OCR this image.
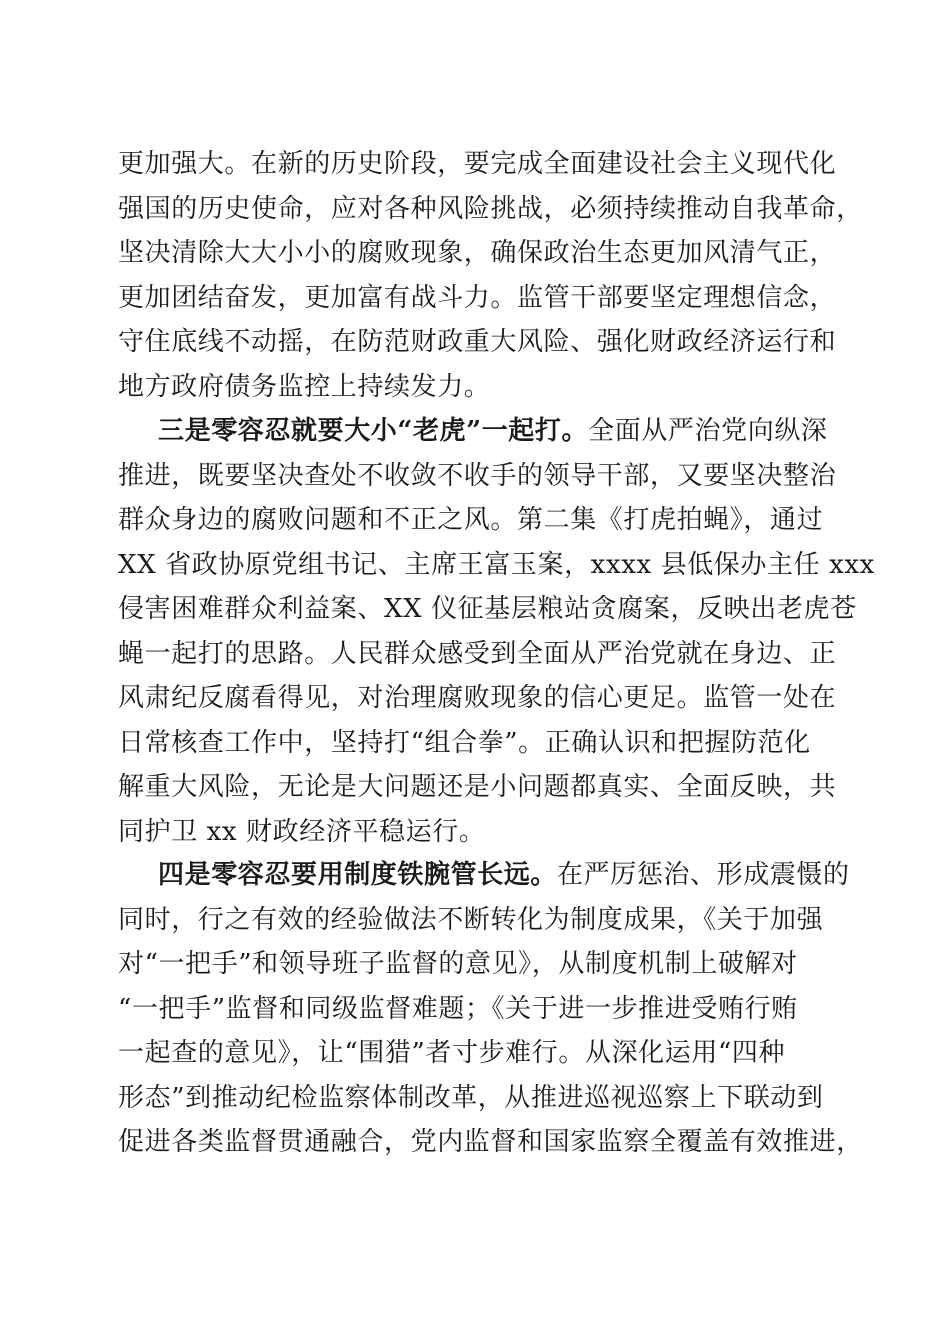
更加强大。在新的历史阶段，要完成全面建设社会主义现代化
强国的历史使命，应对各种风险挑战，必须持续推动自我革命，
坚决清除大大小小的腐败现象，确保政治生态更加风清气正，
更加团结奋发，更加富有战斗力。监管干部要坚定理想信念，
守住底线不动摇，在防范财政重大风险、强化财政经济运行和
地方政府债务监控上持续发力。

三是零容忍就要大小“老虎”一起打。全面从严治党向纵深
推进，既要坚决查处不收敛不收手的领导干部，又要坚决整治
群众身边的腐败问题和不正之风。第二集《打虎拍蝇》，通过
XX 省政协原党组书记、主席王富玉案，xxxx 县低保办主任 xxx
侵害困难群众利益案、XX 仪征基层粮站贪腐案，反映出老虎苍
蝇一起打的思路。人民群众感受到全面从严治党就在身边、正
风肃纪反腐看得见，对治理腐败现象的信心更足。监管一处在
日常核查工作中，坚持打“组合拳”。正确认识和把握防范化
解重大风险，无论是大问题还是小问题都真实、全面反映，共
同护卫 xx 财政经济平稳运行。

四是零容忍要用制度铁腕管长远。在严厉惩治、形成震慑的
同时，行之有效的经验做法不断转化为制度成果，《关于加强
对“一把手”和领导班子监督的意见》，从制度机制上破解对
“一把手”监督和同级监督难题；《关于进一步推进受贿行贿
一起查的意见》，让“围猎”者寸步难行。从深化运用“四种
形态”到推动纪检监察体制改革，从推进巡视巡察上下联动到
促进各类监督贯通融合，党内监督和国家监察全覆盖有效推进，
